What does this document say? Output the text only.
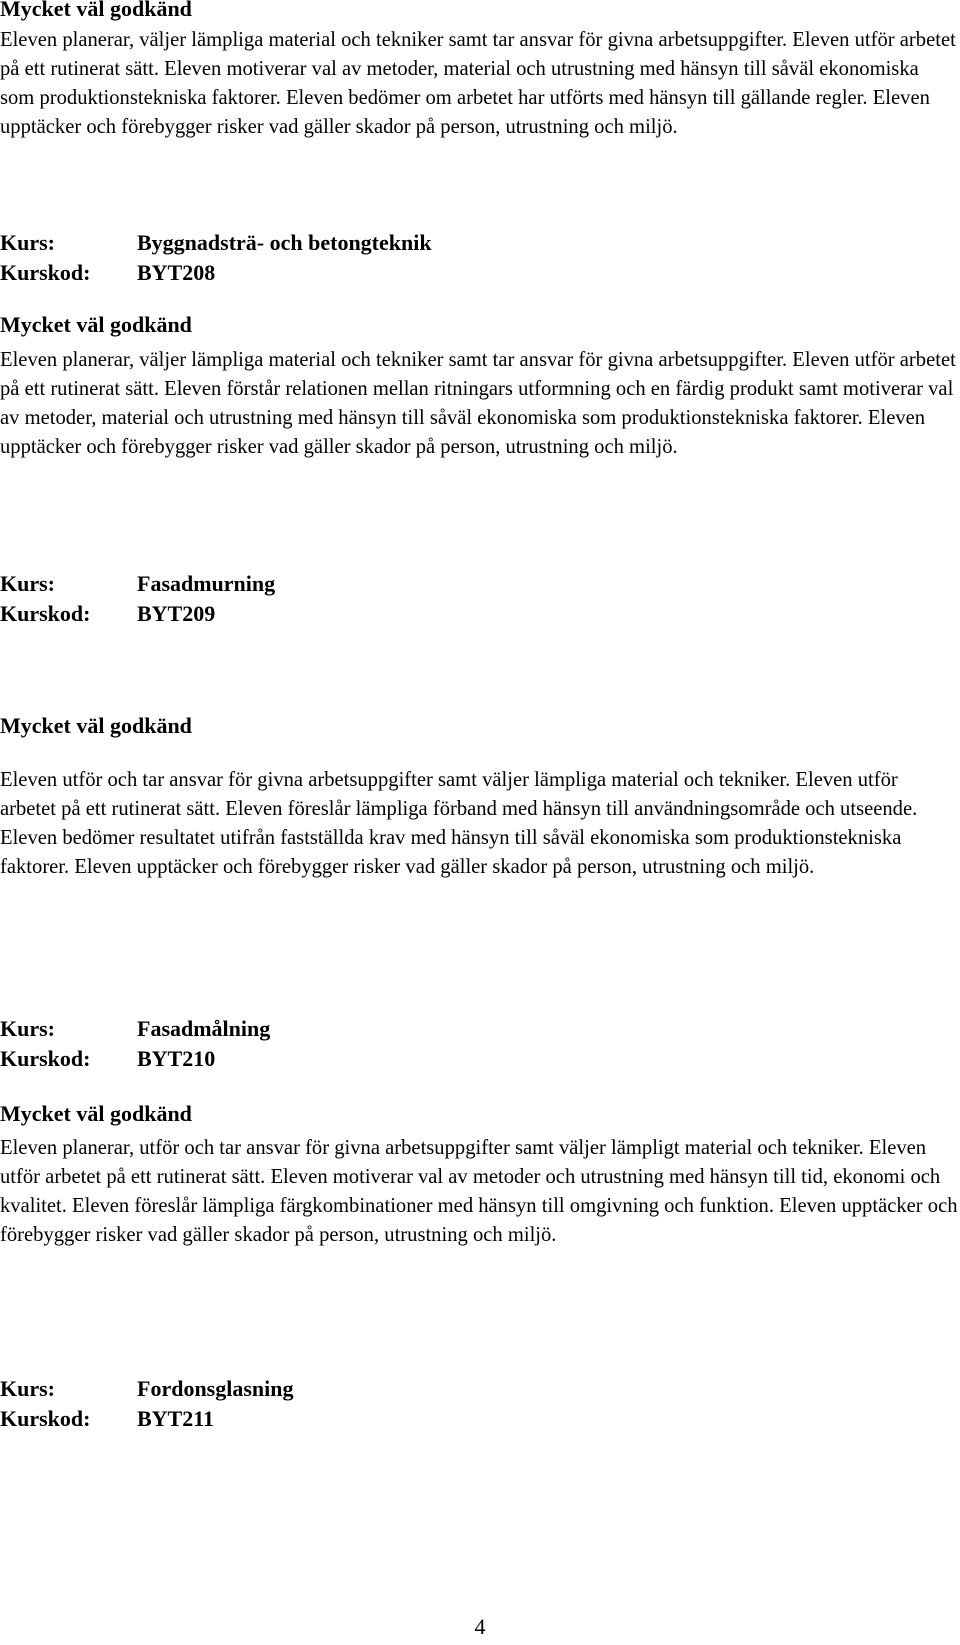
Mycket väl godkänd

Eleven planerar, väljer lämpliga material och tekniker samt tar ansvar för givna arbetsuppgifter. Eleven utför arbetet på ett rutinerat sätt. Eleven motiverar val av metoder, material och utrustning med hänsyn till såväl ekonomiska som produktionstekniska faktorer. Eleven bedömer om arbetet har utförts med hänsyn till gällande regler. Eleven upptäcker och förebygger risker vad gäller skador på person, utrustning och miljö.

Kurs:	Byggnadsträ- och betongteknik
Kurskod: BYT208

Mycket väl godkänd

Eleven planerar, väljer lämpliga material och tekniker samt tar ansvar för givna arbetsuppgifter. Eleven utför arbetet på ett rutinerat sätt. Eleven förstår relationen mellan ritningars utformning och en färdig produkt samt motiverar val av metoder, material och utrustning med hänsyn till såväl ekonomiska som produktionstekniska faktorer. Eleven upptäcker och förebygger risker vad gäller skador på person, utrustning och miljö.

Kurs:	Fasadmurning
Kurskod: BYT209

Mycket väl godkänd

Eleven utför och tar ansvar för givna arbetsuppgifter samt väljer lämpliga material och tekniker. Eleven utför arbetet på ett rutinerat sätt. Eleven föreslår lämpliga förband med hänsyn till användningsområde och utseende. Eleven bedömer resultatet utifrån fastställda krav med hänsyn till såväl ekonomiska som produktionstekniska faktorer. Eleven upptäcker och förebygger risker vad gäller skador på person, utrustning och miljö.

Kurs:	Fasadmålning
Kurskod: BYT210

Mycket väl godkänd

Eleven planerar, utför och tar ansvar för givna arbetsuppgifter samt väljer lämpligt material och tekniker. Eleven utför arbetet på ett rutinerat sätt. Eleven motiverar val av metoder och utrustning med hänsyn till tid, ekonomi och kvalitet. Eleven föreslår lämpliga färgkombinationer med hänsyn till omgivning och funktion. Eleven upptäcker och förebygger risker vad gäller skador på person, utrustning och miljö.

Kurs:	Fordonsglasning
Kurskod: BYT211
4
